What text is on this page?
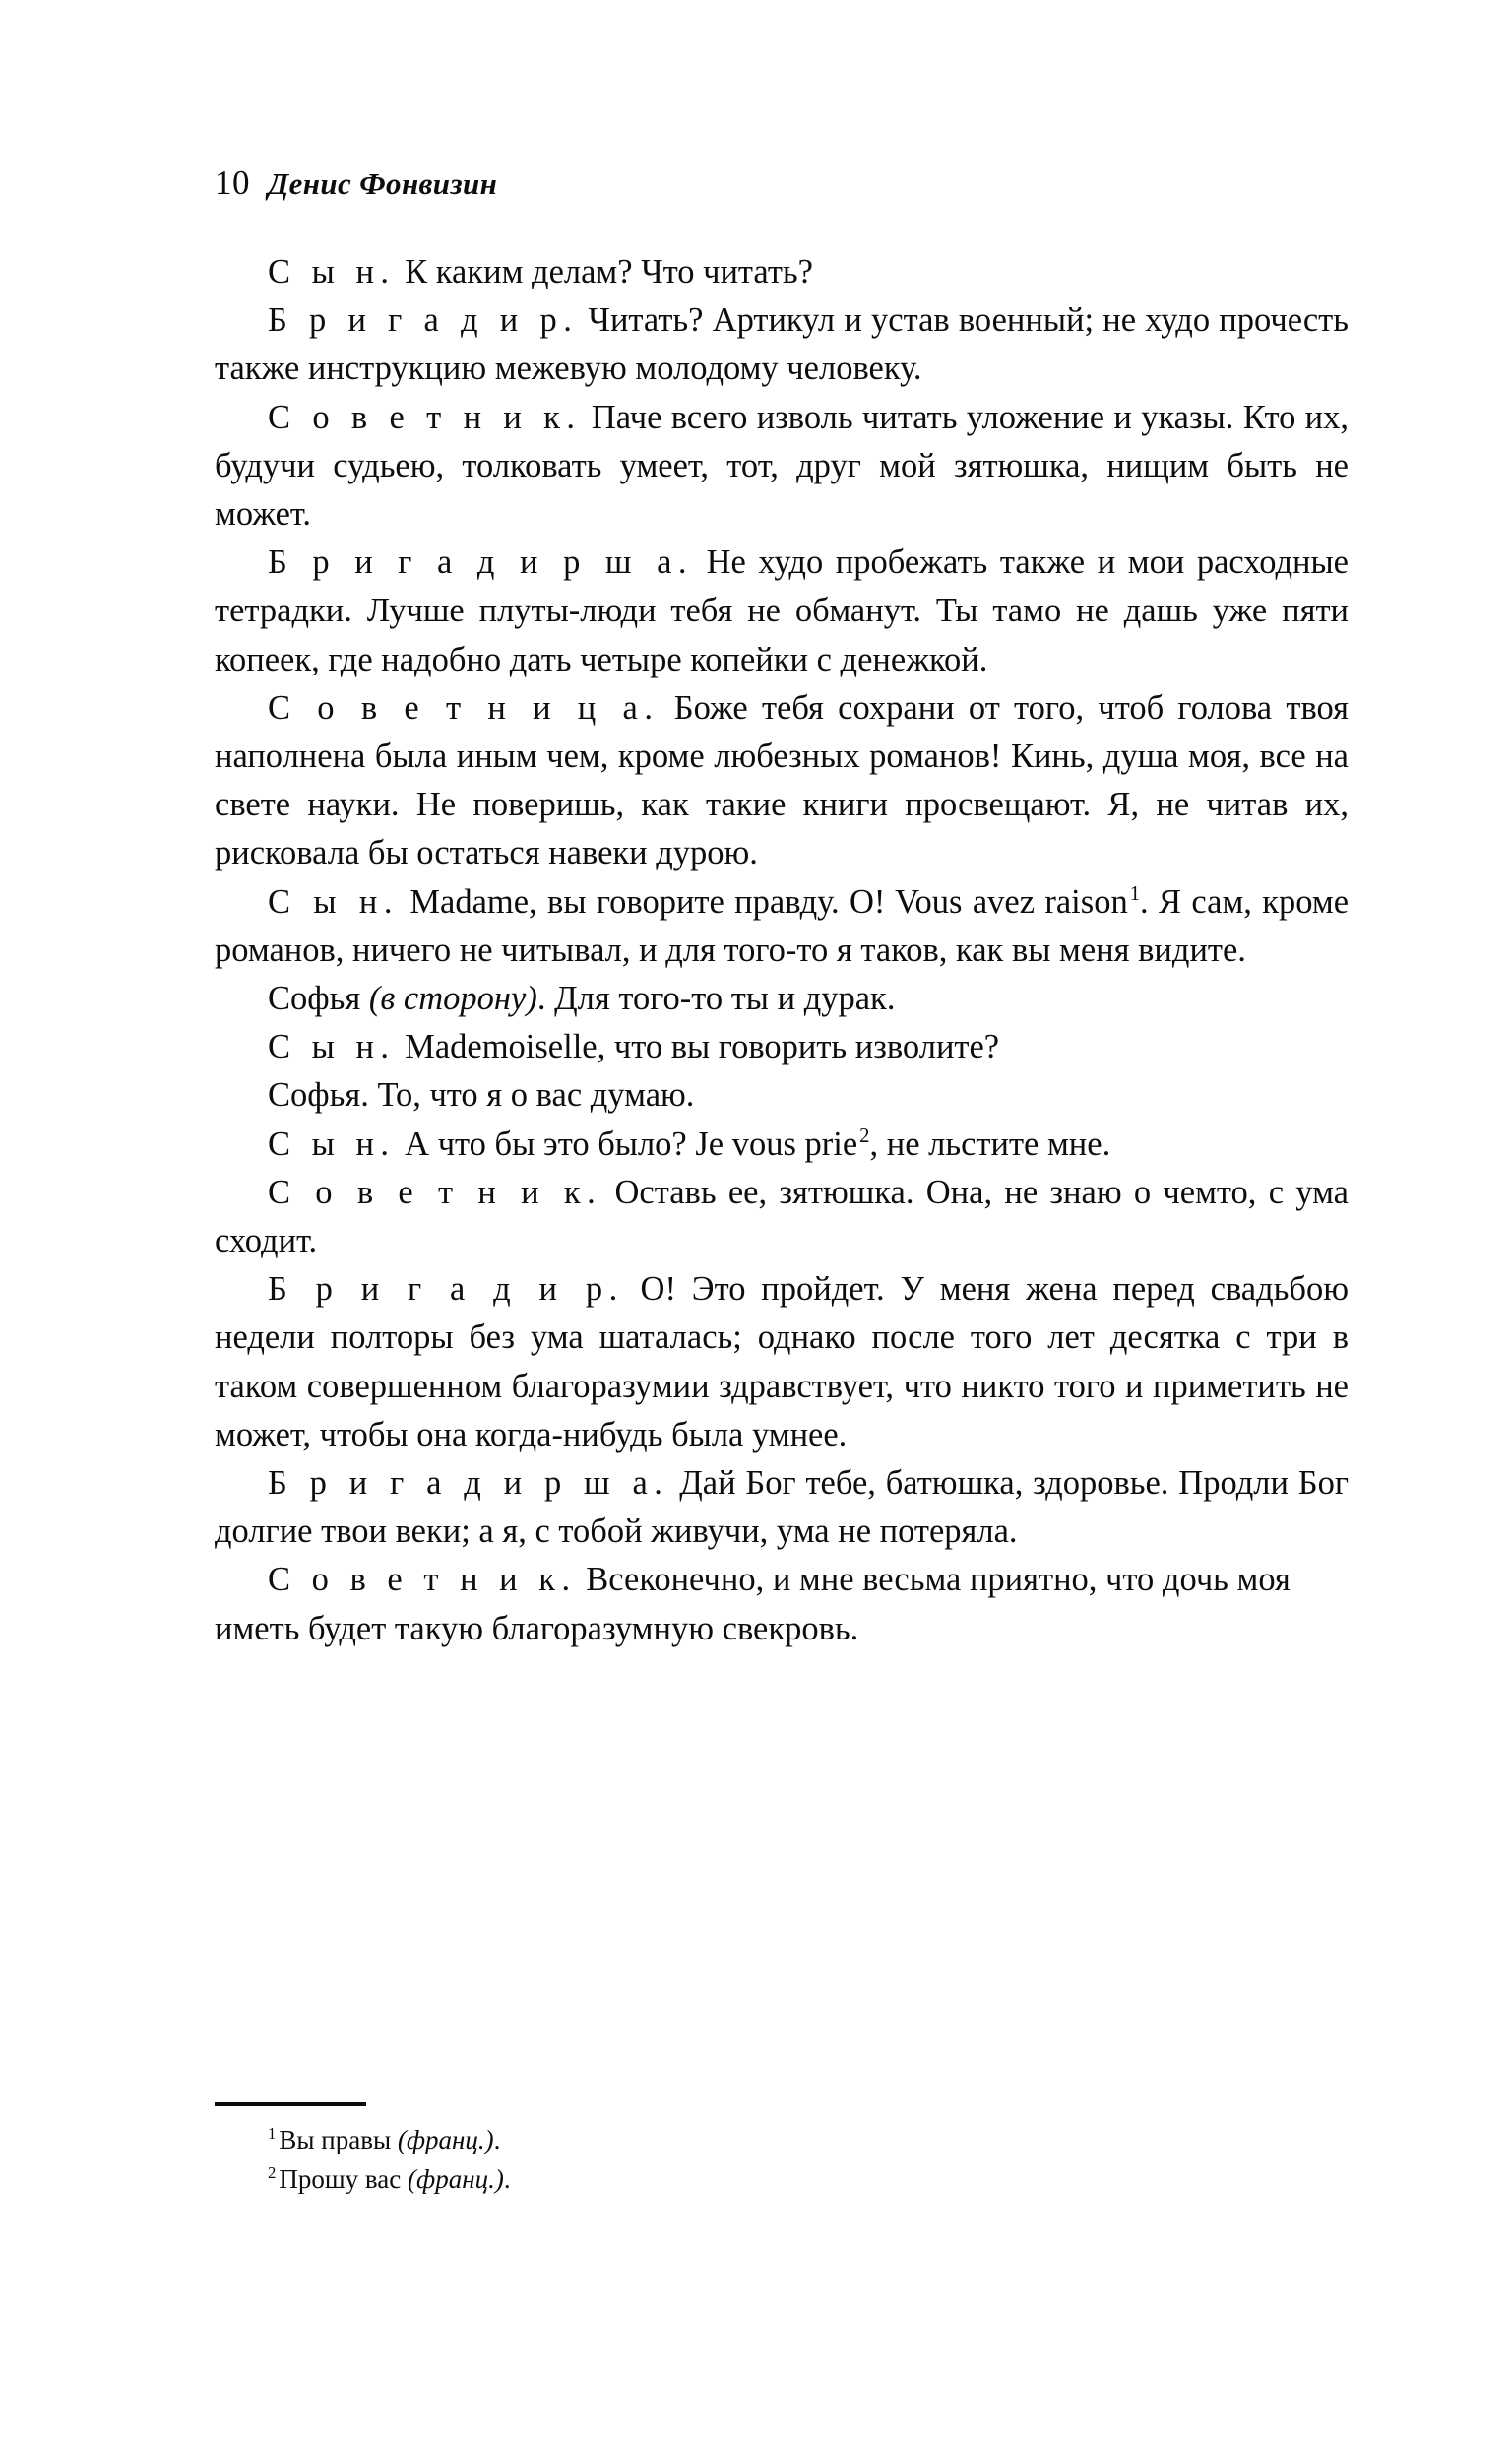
10 Денис Фонвизин

С ы н. К каким делам? Что читать?

Б р и г а д и р. Читать? Артикул и устав военный; не худо прочесть также инструкцию межевую молодому человеку.

С о в е т н и к. Паче всего изволь читать уложение и указы. Кто их, будучи судьею, толковать умеет, тот, друг мой зятюшка, нищим быть не может.

Б р и г а д и р ш а. Не худо пробежать также и мои расходные тетрадки. Лучше плуты-люди тебя не обманут. Ты тамо не дашь уже пяти копеек, где надобно дать четыре копейки с денежкой.

С о в е т н и ц а. Боже тебя сохрани от того, чтоб голова твоя наполнена была иным чем, кроме любезных романов! Кинь, душа моя, все на свете науки. Не поверишь, как такие книги просвещают. Я, не читав их, рисковала бы остаться навеки дурою.

С ы н. Madame, вы говорите правду. O! Vous avez raison$^1$. Я сам, кроме романов, ничего не читывал, и для того-то я таков, как вы меня видите.

Софья (в сторону). Для того-то ты и дурак.

С ы н. Mademoiselle, что вы говорить изволите?

Софья. То, что я о вас думаю.

С ы н. А что бы это было? Je vous prie$^2$, не льстите мне.

С о в е т н и к. Оставь ее, зятюшка. Она, не знаю о чемто, с ума сходит.

Б р и г а д и р. О! Это пройдет. У меня жена перед свадьбою недели полторы без ума шаталась; однако после того лет десятка с три в таком совершенном благоразумии здравствует, что никто того и приметить не может, чтобы она когда-нибудь была умнее.

Б р и г а д и р ш а. Дай Бог тебе, батюшка, здоровье. Продли Бог долгие твои веки; а я, с тобой живучи, ума не потеряла.

С о в е т н и к. Всеконечно, и мне весьма приятно, что дочь моя иметь будет такую благоразумную свекровь.

$^1$ Вы правы (франц.).

$^2$ Прошу вас (франц.).
